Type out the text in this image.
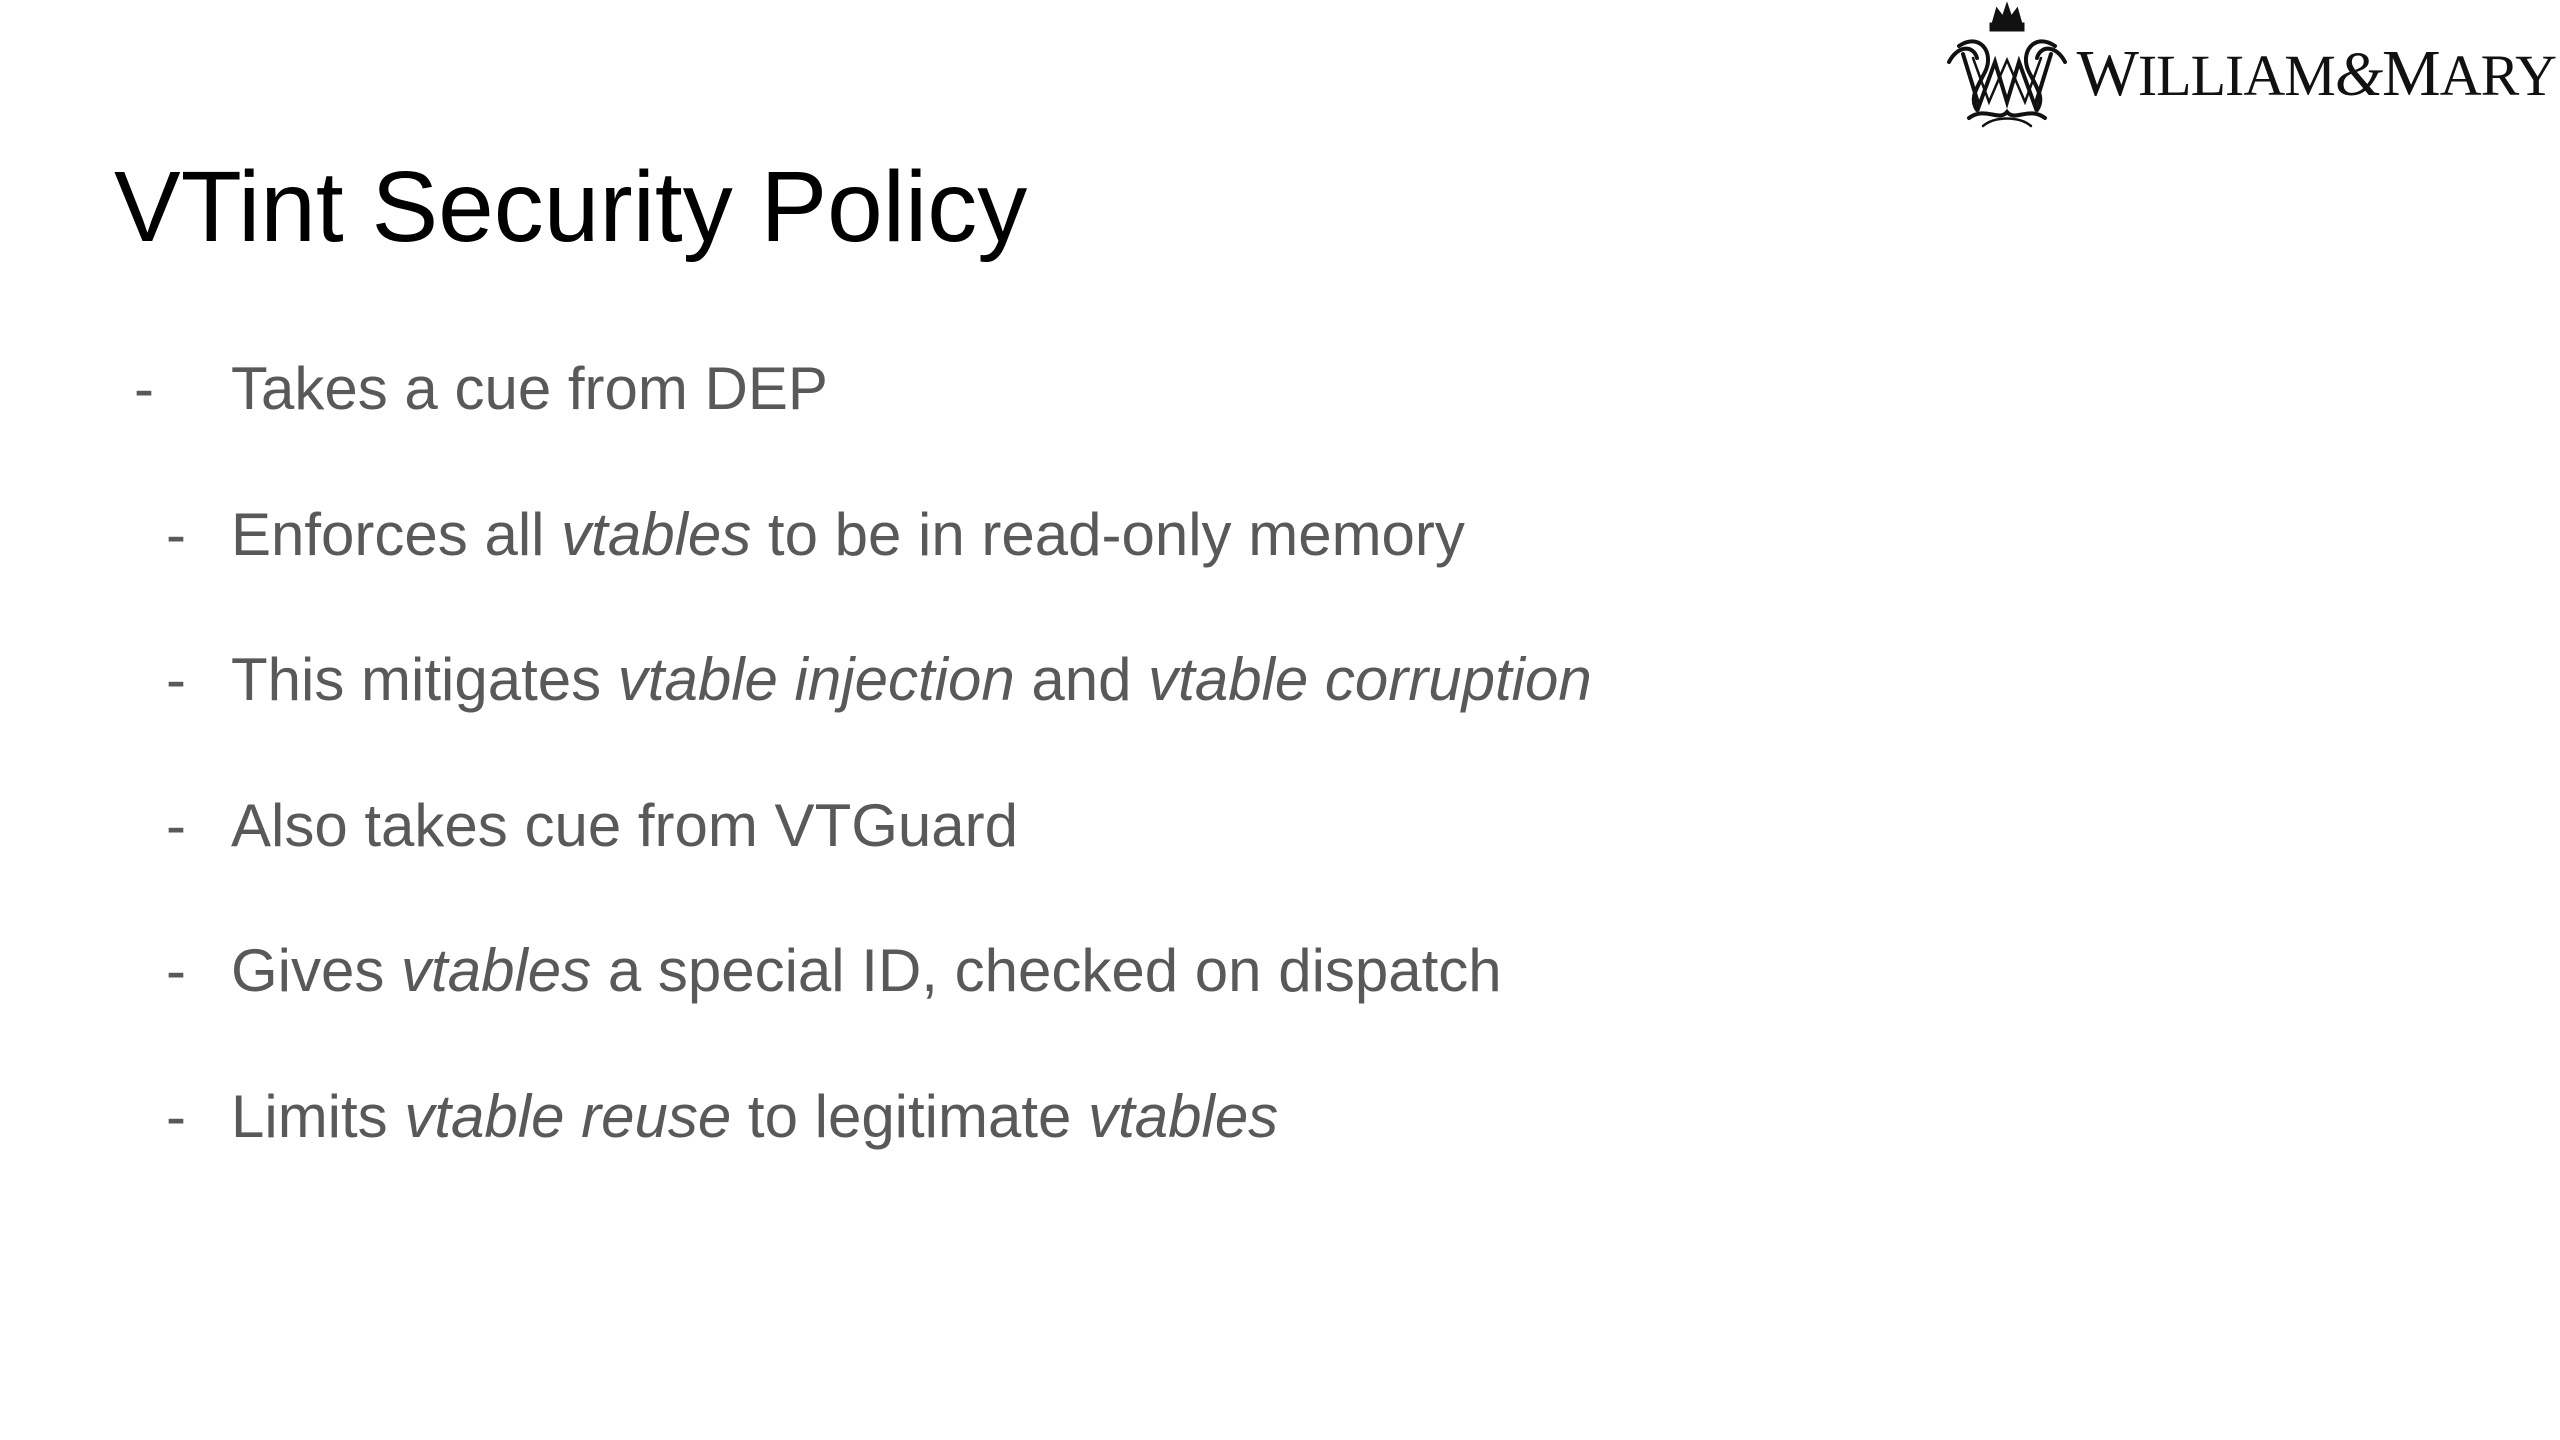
WILLIAM&MARY
VTint Security Policy
- Takes a cue from DEP
- Enforces all vtables to be in read-only memory
- This mitigates vtable injection and vtable corruption
- Also takes cue from VTGuard
- Gives vtables a special ID, checked on dispatch
- Limits vtable reuse to legitimate vtables
